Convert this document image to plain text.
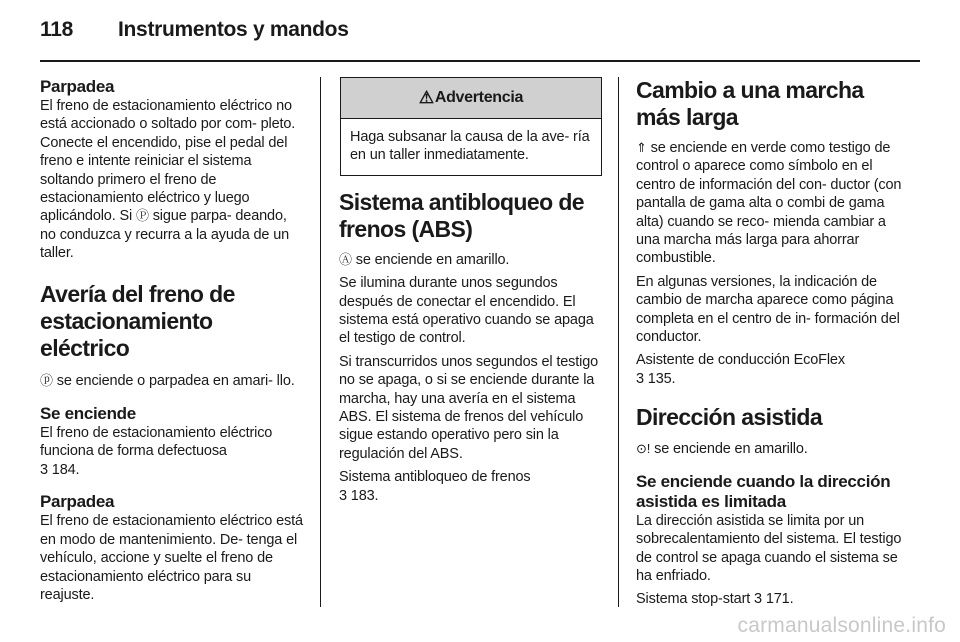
118 Instrumentos y mandos
Parpadea

El freno de estacionamiento eléctrico no está accionado o soltado por com- pleto. Conecte el encendido, pise el pedal del freno e intente reiniciar el sistema soltando primero el freno de estacionamiento eléctrico y luego aplicándolo. Si Ⓟ sigue parpa- deando, no conduzca y recurra a la ayuda de un taller.

Avería del freno de estacionamiento eléctrico

ⓟ se enciende o parpadea en amari- llo.

Se enciende

El freno de estacionamiento eléctrico funciona de forma defectuosa
3 184.

Parpadea

El freno de estacionamiento eléctrico está en modo de mantenimiento. De- tenga el vehículo, accione y suelte el freno de estacionamiento eléctrico para su reajuste.

⚠ Advertencia
Haga subsanar la causa de la ave- ría en un taller inmediatamente.
Sistema antibloqueo de frenos (ABS)

Ⓐ se enciende en amarillo.

Se ilumina durante unos segundos después de conectar el encendido. El sistema está operativo cuando se apaga el testigo de control.

Si transcurridos unos segundos el testigo no se apaga, o si se enciende durante la marcha, hay una avería en el sistema ABS. El sistema de frenos del vehículo sigue estando operativo pero sin la regulación del ABS.

Sistema antibloqueo de frenos
3 183.

Cambio a una marcha más larga

⇑ se enciende en verde como testigo de control o aparece como símbolo en el centro de información del con- ductor (con pantalla de gama alta o combi de gama alta) cuando se reco- mienda cambiar a una marcha más larga para ahorrar combustible.

En algunas versiones, la indicación de cambio de marcha aparece como página completa en el centro de in- formación del conductor.

Asistente de conducción EcoFlex
3 135.

Dirección asistida

⊙! se enciende en amarillo.

Se enciende cuando la dirección asistida es limitada

La dirección asistida se limita por un sobrecalentamiento del sistema. El testigo de control se apaga cuando el sistema se ha enfriado.

Sistema stop-start 3 171.

carmanualsonline.info
